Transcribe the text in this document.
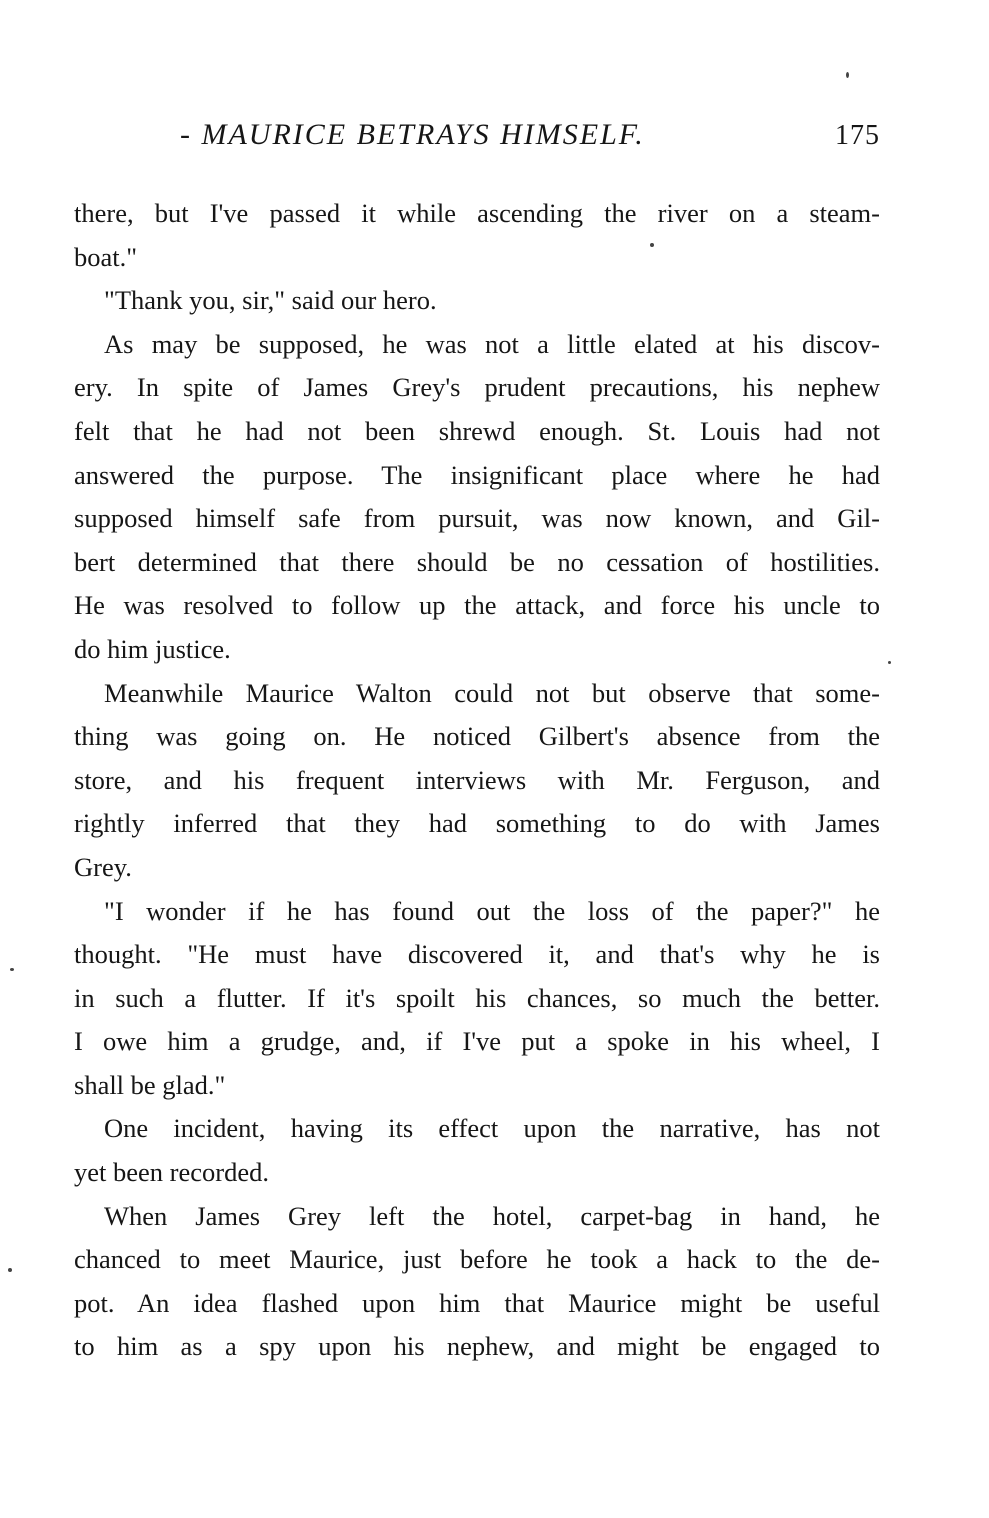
- MAURICE BETRAYS HIMSELF.	175
there, but I've passed it while ascending the river on a steam-
boat."
"Thank you, sir," said our hero.
As may be supposed, he was not a little elated at his discov-
ery. In spite of James Grey's prudent precautions, his nephew
felt that he had not been shrewd enough. St. Louis had not
answered the purpose. The insignificant place where he had
supposed himself safe from pursuit, was now known, and Gil-
bert determined that there should be no cessation of hostilities.
He was resolved to follow up the attack, and force his uncle to
do him justice.
Meanwhile Maurice Walton could not but observe that some-
thing was going on. He noticed Gilbert's absence from the
store, and his frequent interviews with Mr. Ferguson, and
rightly inferred that they had something to do with James
Grey.
"I wonder if he has found out the loss of the paper?" he
thought. "He must have discovered it, and that's why he is
in such a flutter. If it's spoilt his chances, so much the better.
I owe him a grudge, and, if I've put a spoke in his wheel, I
shall be glad."
One incident, having its effect upon the narrative, has not
yet been recorded.
When James Grey left the hotel, carpet-bag in hand, he
chanced to meet Maurice, just before he took a hack to the de-
pot. An idea flashed upon him that Maurice might be useful
to him as a spy upon his nephew, and might be engaged to
